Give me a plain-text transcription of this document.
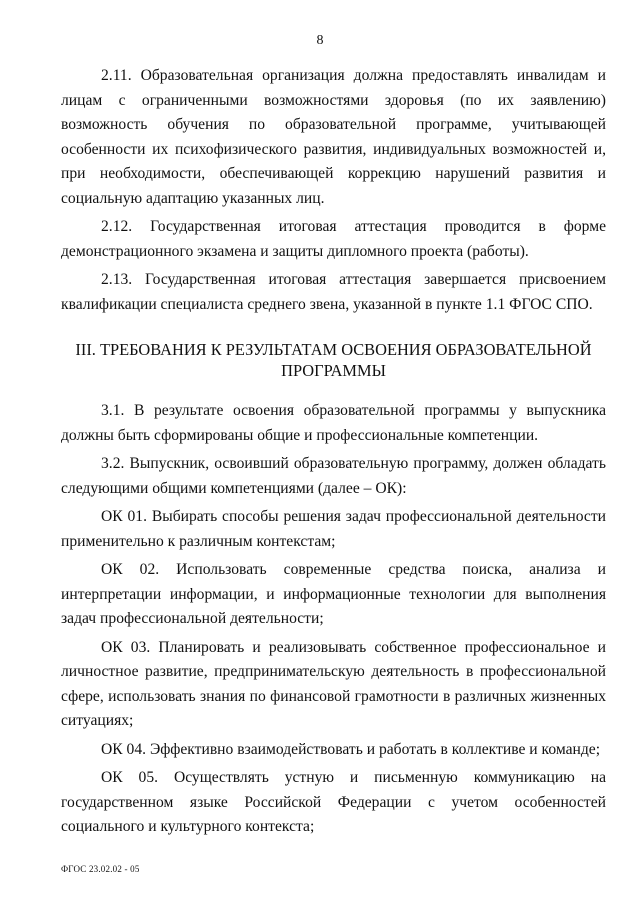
8

2.11. Образовательная организация должна предоставлять инвалидам и лицам с ограниченными возможностями здоровья (по их заявлению) возможность обучения по образовательной программе, учитывающей особенности их психофизического развития, индивидуальных возможностей и, при необходимости, обеспечивающей коррекцию нарушений развития и социальную адаптацию указанных лиц.

2.12. Государственная итоговая аттестация проводится в форме демонстрационного экзамена и защиты дипломного проекта (работы).

2.13. Государственная итоговая аттестация завершается присвоением квалификации специалиста среднего звена, указанной в пункте 1.1 ФГОС СПО.

III. ТРЕБОВАНИЯ К РЕЗУЛЬТАТАМ ОСВОЕНИЯ ОБРАЗОВАТЕЛЬНОЙ
ПРОГРАММЫ

3.1. В результате освоения образовательной программы у выпускника должны быть сформированы общие и профессиональные компетенции.

3.2. Выпускник, освоивший образовательную программу, должен обладать следующими общими компетенциями (далее – ОК):

ОК 01. Выбирать способы решения задач профессиональной деятельности применительно к различным контекстам;

ОК 02. Использовать современные средства поиска, анализа и интерпретации информации, и информационные технологии для выполнения задач профессиональной деятельности;

ОК 03. Планировать и реализовывать собственное профессиональное и личностное развитие, предпринимательскую деятельность в профессиональной сфере, использовать знания по финансовой грамотности в различных жизненных ситуациях;

ОК 04. Эффективно взаимодействовать и работать в коллективе и команде;

ОК 05. Осуществлять устную и письменную коммуникацию на государственном языке Российской Федерации с учетом особенностей социального и культурного контекста;

ФГОС 23.02.02 - 05
